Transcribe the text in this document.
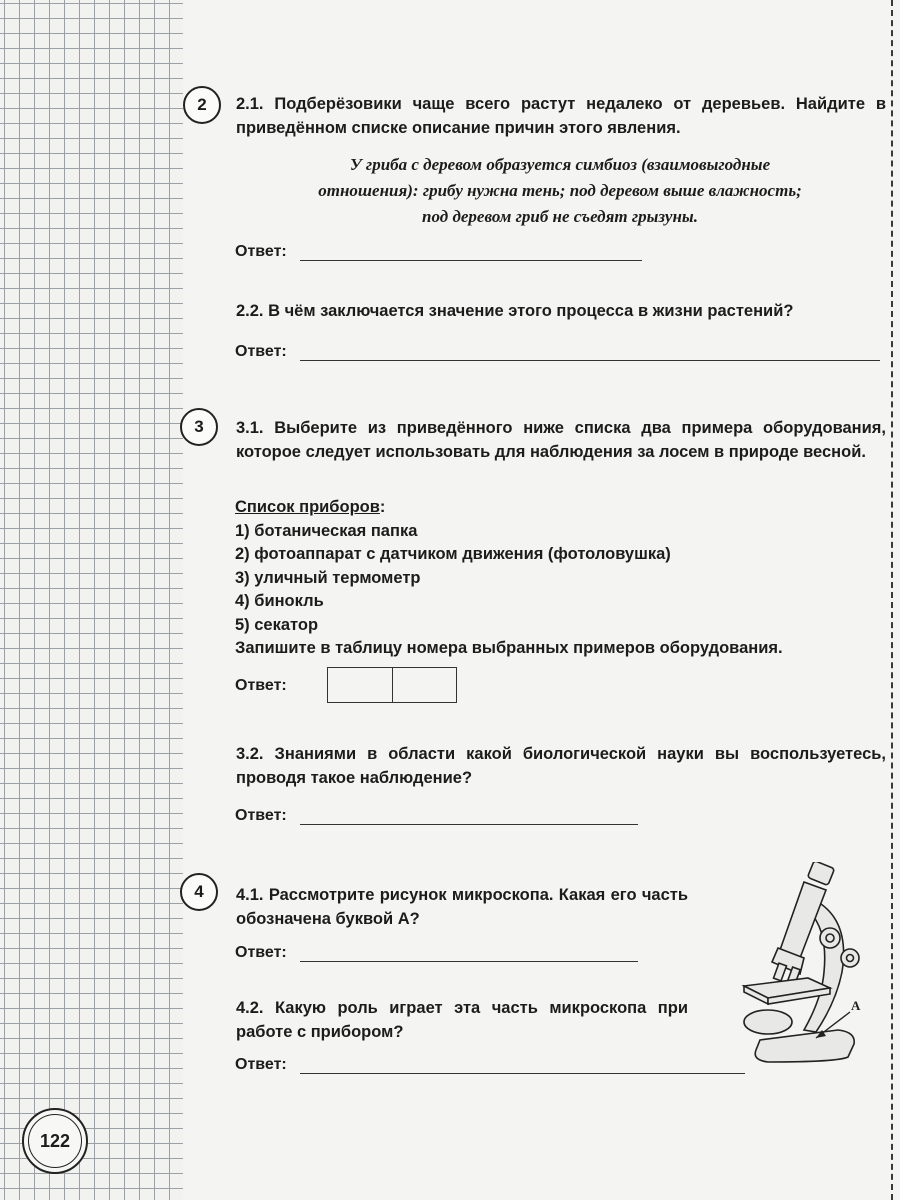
2 2.1. Подберёзовики чаще всего растут недалеко от деревьев. Найдите в приведённом списке описание причин этого явления.
У гриба с деревом образуется симбиоз (взаимовыгодные
отношения): грибу нужна тень; под деревом выше влажность;
под деревом гриб не съедят грызуны.
Ответ:
2.2. В чём заключается значение этого процесса в жизни растений?
Ответ:
3 3.1. Выберите из приведённого ниже списка два примера оборудования, которое следует использовать для наблюдения за лосем в природе весной.
Список приборов:
1) ботаническая папка
2) фотоаппарат с датчиком движения (фотоловушка)
3) уличный термометр
4) бинокль
5) секатор
Запишите в таблицу номера выбранных примеров оборудования.
Ответ:
3.2. Знаниями в области какой биологической науки вы воспользуетесь, проводя такое наблюдение?
Ответ:
4 4.1. Рассмотрите рисунок микроскопа. Какая его часть обозначена буквой А?
Ответ:
4.2. Какую роль играет эта часть микроскопа при работе с прибором?
Ответ:
А
122
